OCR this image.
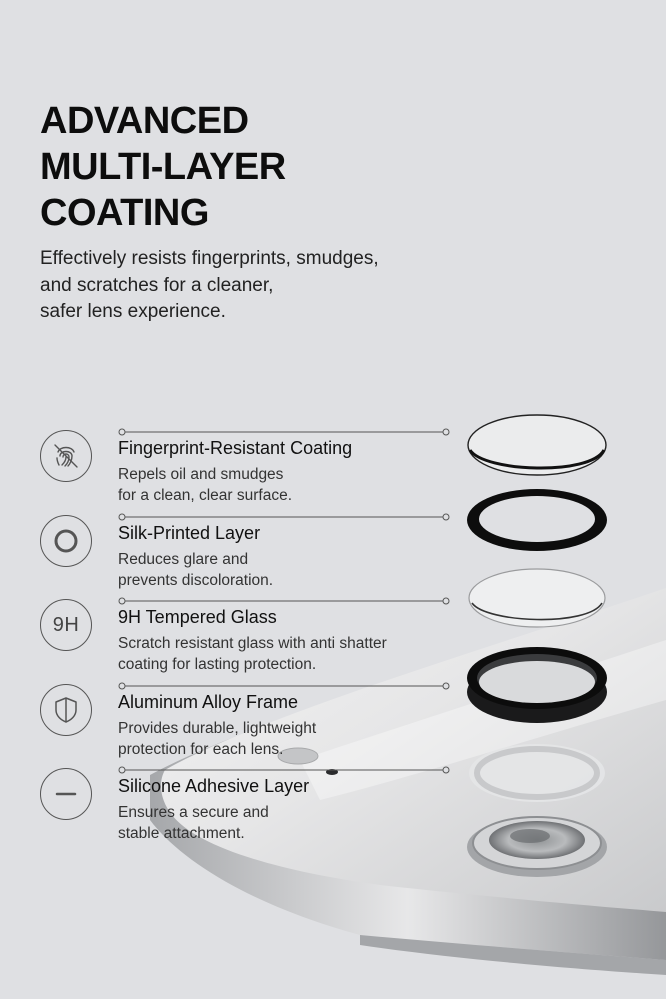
ADVANCED
MULTI-LAYER
COATING

Effectively resists fingerprints, smudges,
and scratches for a cleaner,
safer lens experience.

Fingerprint-Resistant Coating
Repels oil and smudges
for a clean, clear surface.
Silk-Printed Layer
Reduces glare and
prevents discoloration.
9H 9H Tempered Glass
Scratch resistant glass with anti shatter
coating for lasting protection.
Aluminum Alloy Frame
Provides durable, lightweight
protection for each lens.
Silicone Adhesive Layer
Ensures a secure and
stable attachment.
